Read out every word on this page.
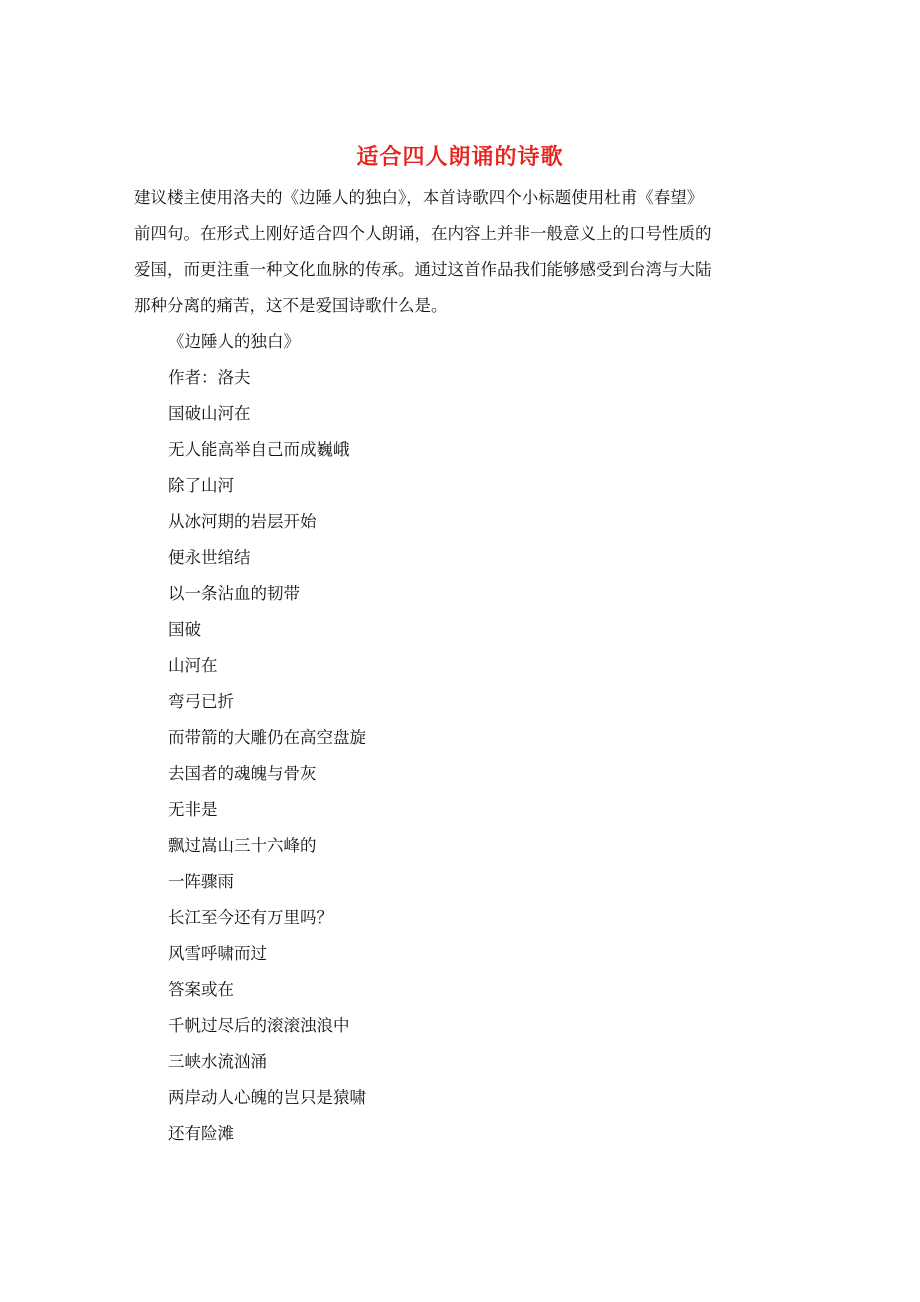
适合四人朗诵的诗歌
建议楼主使用洛夫的《边陲人的独白》，本首诗歌四个小标题使用杜甫《春望》
前四句。在形式上刚好适合四个人朗诵，在内容上并非一般意义上的口号性质的
爱国，而更注重一种文化血脉的传承。通过这首作品我们能够感受到台湾与大陆
那种分离的痛苦，这不是爱国诗歌什么是。
《边陲人的独白》
作者：洛夫
国破山河在
无人能高举自己而成巍峨
除了山河
从冰河期的岩层开始
便永世绾结
以一条沾血的韧带
国破
山河在
弯弓已折
而带箭的大雕仍在高空盘旋
去国者的魂魄与骨灰
无非是
飘过嵩山三十六峰的
一阵骤雨
长江至今还有万里吗？
风雪呼啸而过
答案或在
千帆过尽后的滚滚浊浪中
三峡水流汹涌
两岸动人心魄的岂只是猿啸
还有险滩
